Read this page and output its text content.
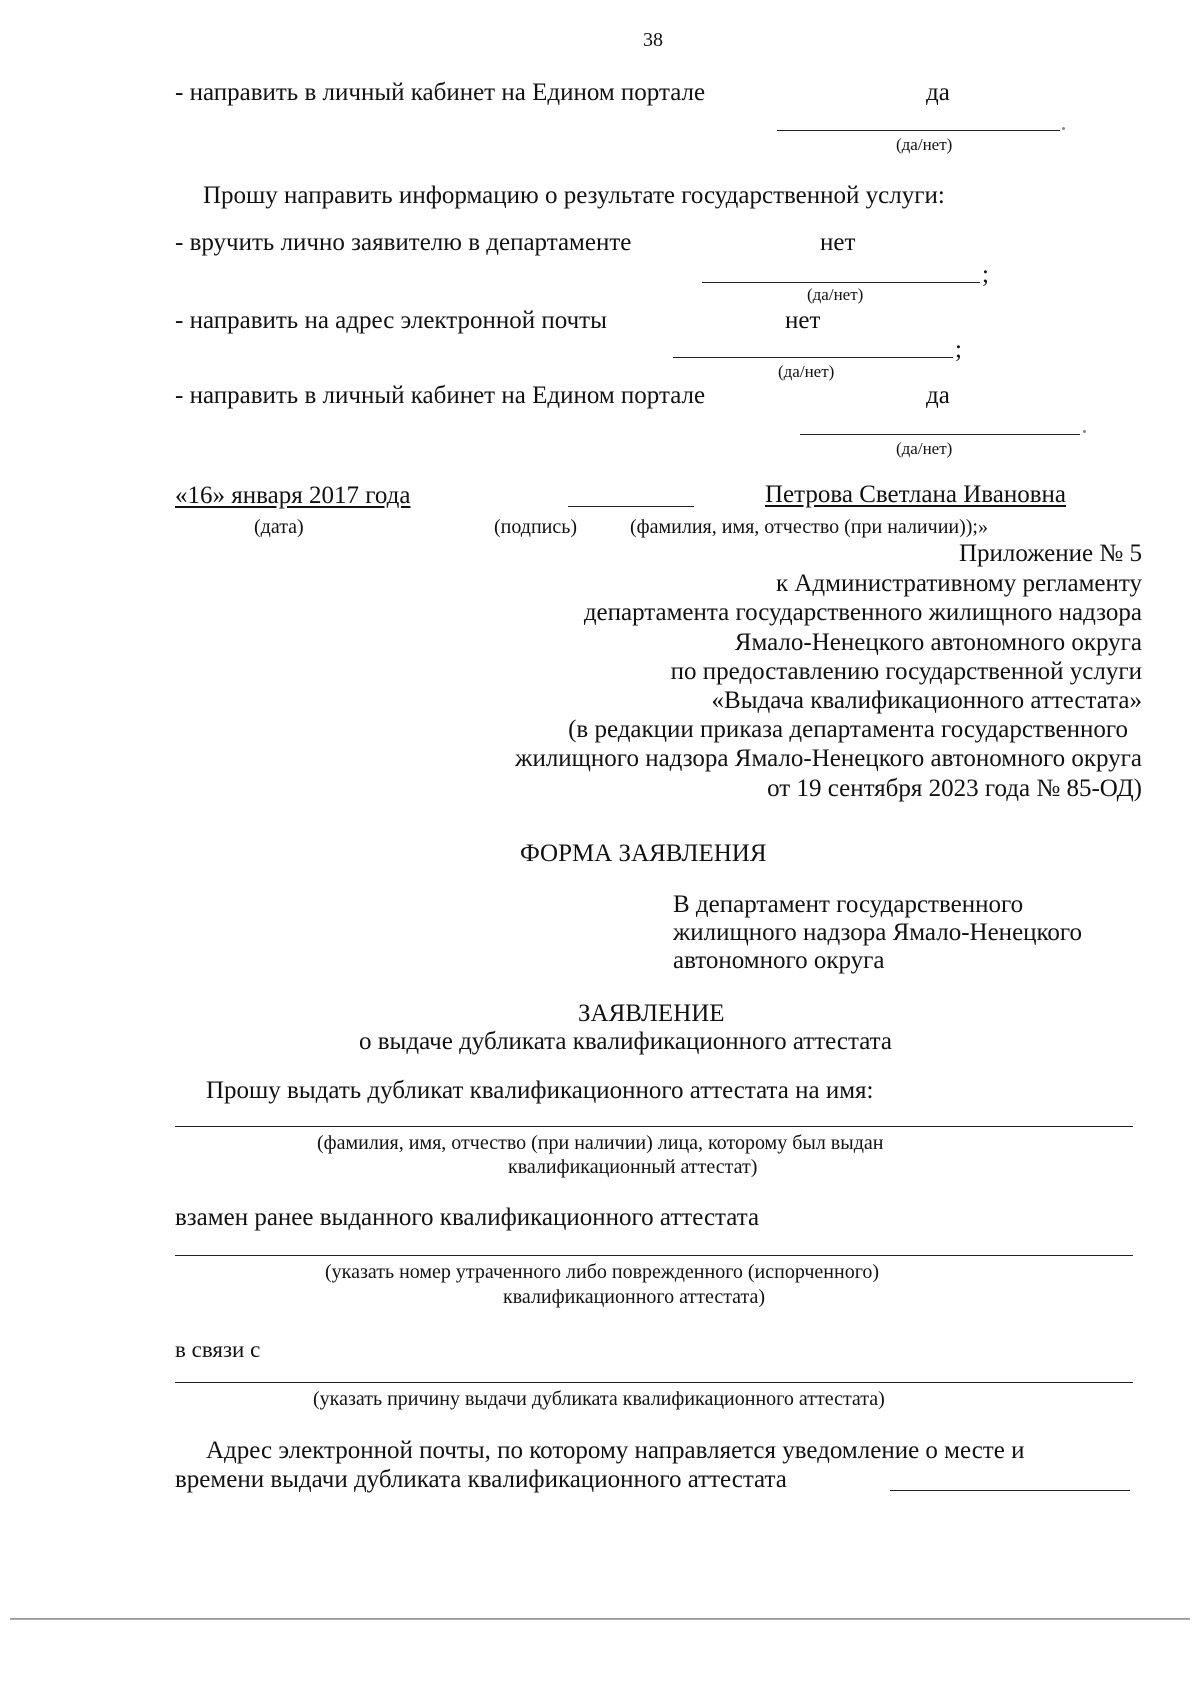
38
- направить в личный кабинет на Едином портале	да
(да/нет)
Прошу направить информацию о результате государственной услуги:
- вручить лично заявителю в департаменте	нет
;
(да/нет)
- направить на адрес электронной почты	нет
;
(да/нет)
- направить в личный кабинет на Едином портале	да
(да/нет)
«16» января 2017 года	Петрова Светлана Ивановна
(дата)	(подпись)	(фамилия, имя, отчество (при наличии));»
Приложение № 5
к Административному регламенту
департамента государственного жилищного надзора
Ямало-Ненецкого автономного округа
по предоставлению государственной услуги
«Выдача квалификационного аттестата»
(в редакции приказа департамента государственного
жилищного надзора Ямало-Ненецкого автономного округа
от 19 сентября 2023 года № 85-ОД)
ФОРМА ЗАЯВЛЕНИЯ
В департамент государственного
жилищного надзора Ямало-Ненецкого
автономного округа
ЗАЯВЛЕНИЕ
о выдаче дубликата квалификационного аттестата
Прошу выдать дубликат квалификационного аттестата на имя:
(фамилия, имя, отчество (при наличии) лица, которому был выдан
квалификационный аттестат)
взамен ранее выданного квалификационного аттестата
(указать номер утраченного либо поврежденного (испорченного)
квалификационного аттестата)
в связи с
(указать причину выдачи дубликата квалификационного аттестата)
Адрес электронной почты, по которому направляется уведомление о месте и
времени выдачи дубликата квалификационного аттестата
